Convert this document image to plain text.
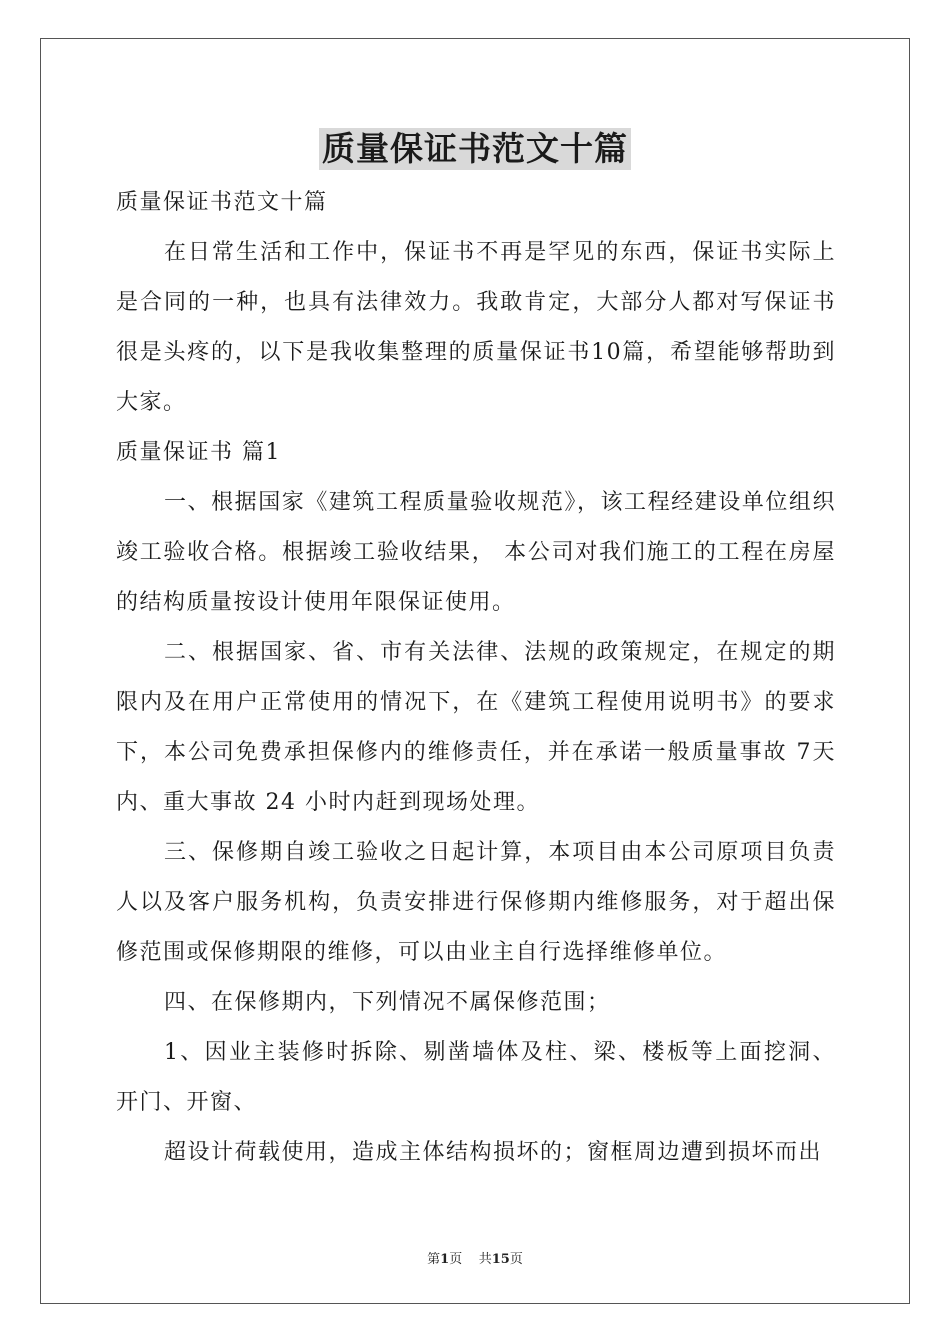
质量保证书范文十篇

质量保证书范文十篇

在日常生活和工作中，保证书不再是罕见的东西，保证书实际上是合同的一种，也具有法律效力。我敢肯定，大部分人都对写保证书很是头疼的，以下是我收集整理的质量保证书10篇，希望能够帮助到大家。

质量保证书 篇1

一、根据国家《建筑工程质量验收规范》，该工程经建设单位组织竣工验收合格。根据竣工验收结果， 本公司对我们施工的工程在房屋的结构质量按设计使用年限保证使用。

二、根据国家、省、市有关法律、法规的政策规定，在规定的期限内及在用户正常使用的情况下，在《建筑工程使用说明书》的要求下，本公司免费承担保修内的维修责任，并在承诺一般质量事故 7天 内、重大事故 24 小时内赶到现场处理。

三、保修期自竣工验收之日起计算，本项目由本公司原项目负责人以及客户服务机构，负责安排进行保修期内维修服务，对于超出保修范围或保修期限的维修，可以由业主自行选择维修单位。

四、在保修期内，下列情况不属保修范围；

1、因业主装修时拆除、剔凿墙体及柱、梁、楼板等上面挖洞、开门、开窗、

超设计荷载使用，造成主体结构损坏的；窗框周边遭到损坏而出

第1页 共15页
